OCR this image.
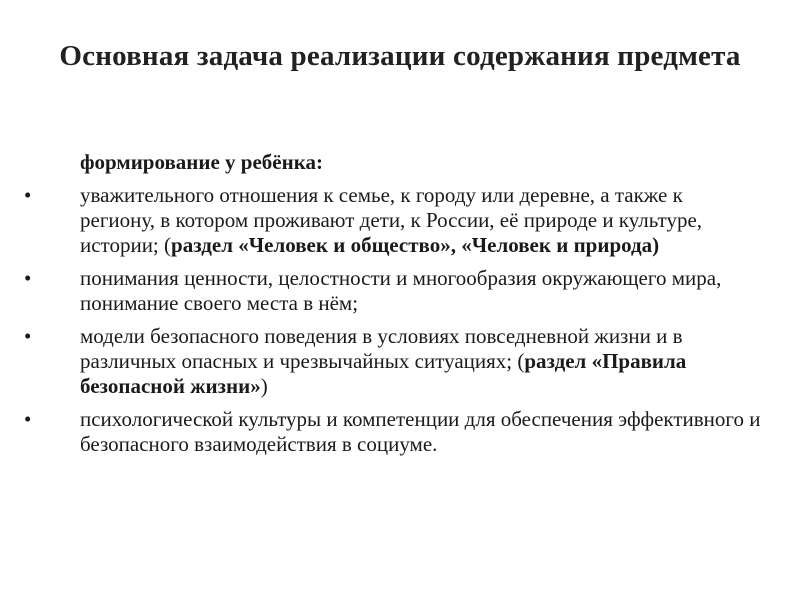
Основная задача реализации содержания предмета
формирование у ребёнка:
• уважительного отношения к семье, к городу или деревне, а также к региону, в котором проживают дети, к России, её природе и культуре, истории; (раздел «Человек и общество», «Человек и природа)
• понимания ценности, целостности и многообразия окружающего мира, понимание своего места в нём;
• модели безопасного поведения в условиях повседневной жизни и в различных опасных и чрезвычайных ситуациях; (раздел «Правила безопасной жизни»)
• психологической культуры и компетенции для обеспечения эффективного и безопасного взаимодействия в социуме.
